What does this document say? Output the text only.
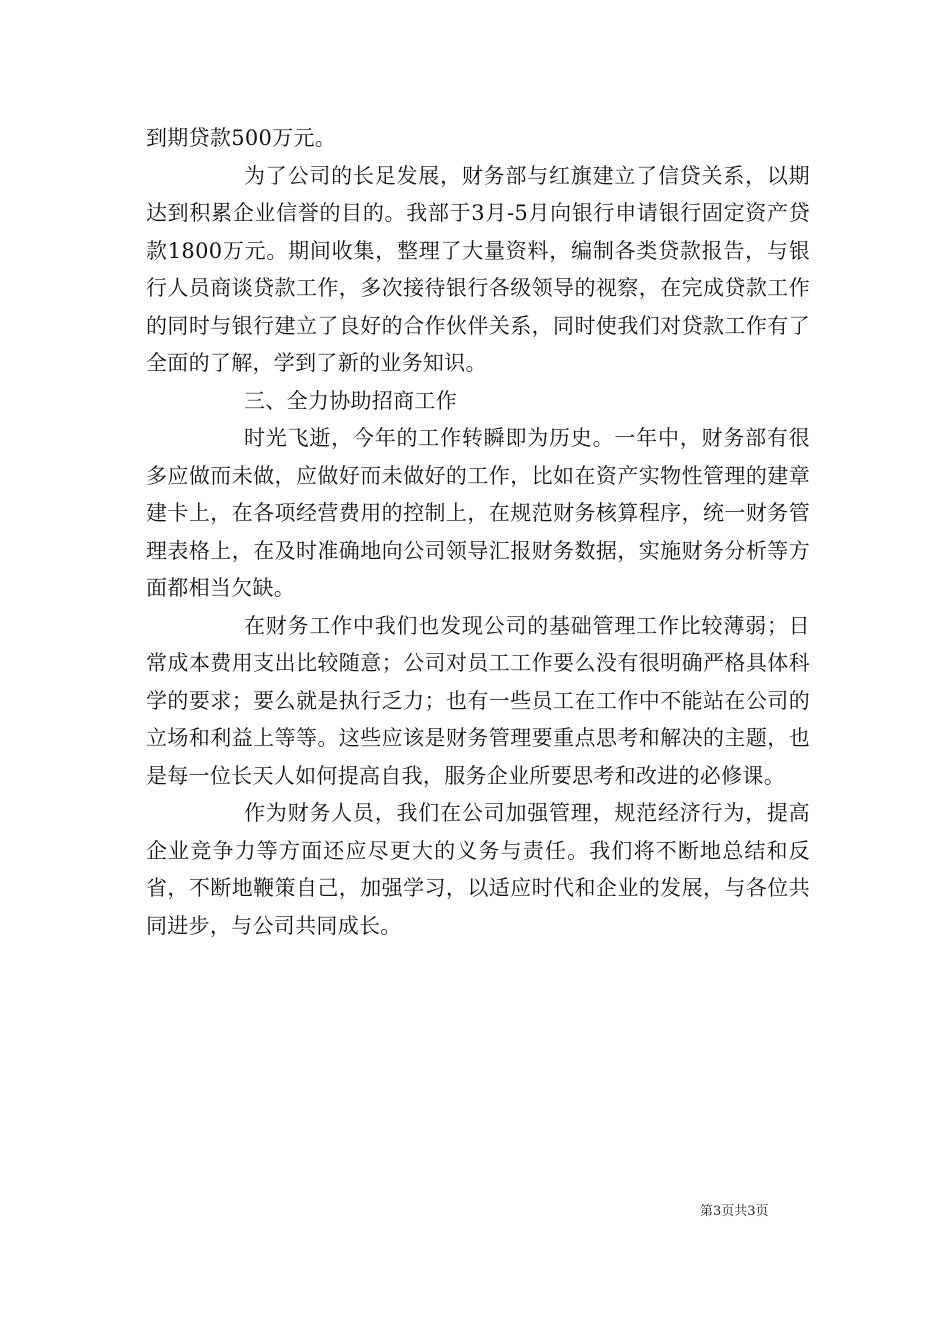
到期贷款500万元。

为了公司的长足发展，财务部与红旗建立了信贷关系，以期达到积累企业信誉的目的。我部于3月-5月向银行申请银行固定资产贷款1800万元。期间收集，整理了大量资料，编制各类贷款报告，与银行人员商谈贷款工作，多次接待银行各级领导的视察，在完成贷款工作的同时与银行建立了良好的合作伙伴关系，同时使我们对贷款工作有了全面的了解，学到了新的业务知识。

三、全力协助招商工作

时光飞逝，今年的工作转瞬即为历史。一年中，财务部有很多应做而未做，应做好而未做好的工作，比如在资产实物性管理的建章建卡上，在各项经营费用的控制上，在规范财务核算程序，统一财务管理表格上，在及时准确地向公司领导汇报财务数据，实施财务分析等方面都相当欠缺。

在财务工作中我们也发现公司的基础管理工作比较薄弱；日常成本费用支出比较随意；公司对员工工作要么没有很明确严格具体科学的要求；要么就是执行乏力；也有一些员工在工作中不能站在公司的立场和利益上等等。这些应该是财务管理要重点思考和解决的主题，也是每一位长天人如何提高自我，服务企业所要思考和改进的必修课。

作为财务人员，我们在公司加强管理，规范经济行为，提高企业竞争力等方面还应尽更大的义务与责任。我们将不断地总结和反省，不断地鞭策自己，加强学习，以适应时代和企业的发展，与各位共同进步，与公司共同成长。

第3页共3页
